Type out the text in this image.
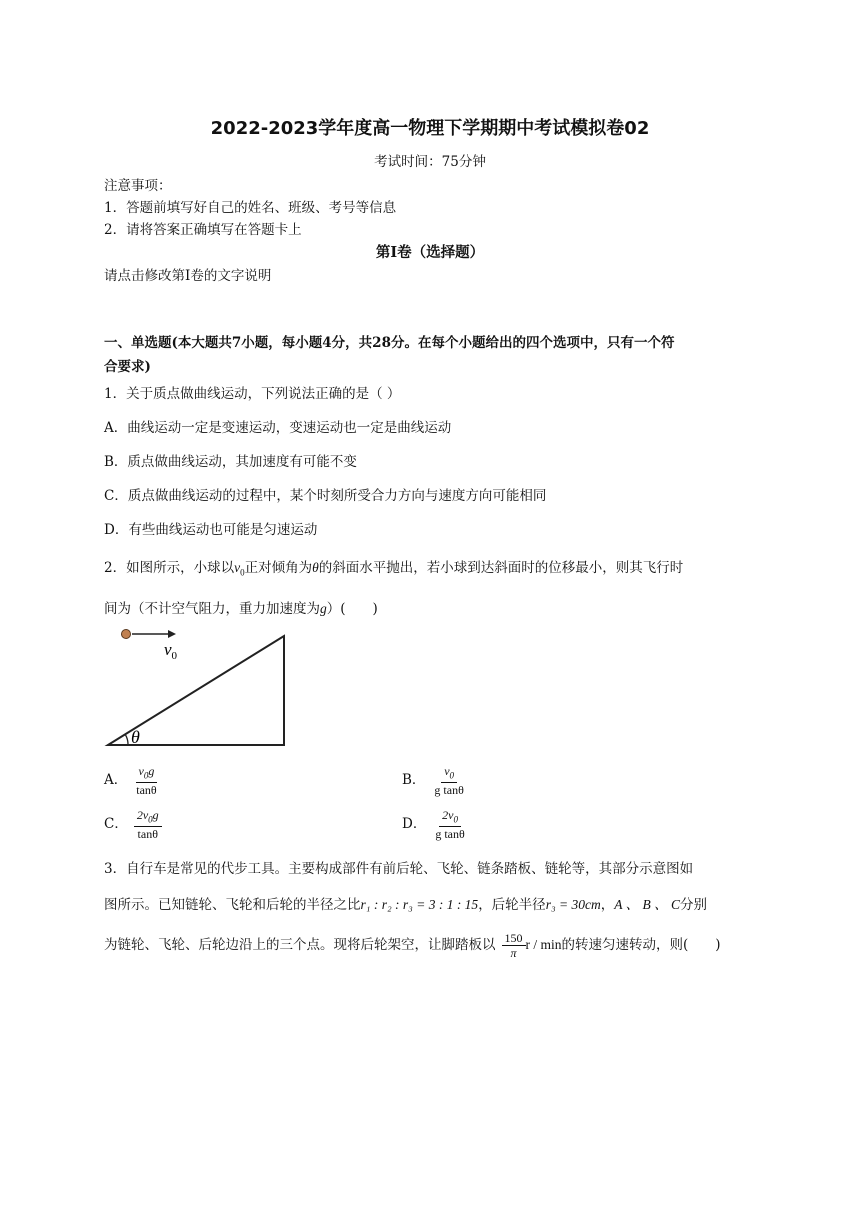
2022-2023学年度高一物理下学期期中考试模拟卷02
考试时间：75分钟
注意事项：
1．答题前填写好自己的姓名、班级、考号等信息
2．请将答案正确填写在答题卡上
第I卷（选择题）
请点击修改第I卷的文字说明
一、单选题(本大题共7小题，每小题4分，共28分。在每个小题给出的四个选项中，只有一个符
合要求)
1．关于质点做曲线运动，下列说法正确的是（ ）
A．曲线运动一定是变速运动，变速运动也一定是曲线运动
B．质点做曲线运动，其加速度有可能不变
C．质点做曲线运动的过程中，某个时刻所受合力方向与速度方向可能相同
D．有些曲线运动也可能是匀速运动
2．如图所示，小球以$v_0$正对倾角为θ的斜面水平抛出，若小球到达斜面时的位移最小，则其飞行时
间为（不计空气阻力，重力加速度为g）(　　)
$v_0$
θ
A． $\frac{v_0g}{\tan\theta}$	B． $\frac{v_0}{\text{g tanθ}}$
C． $\frac{2v_0g}{\tan\theta}$	D． $\frac{2v_0}{\text{g tanθ}}$
3．自行车是常见的代步工具。主要构成部件有前后轮、飞轮、链条踏板、链轮等，其部分示意图如
图所示。已知链轮、飞轮和后轮的半径之比r₁ : r₂ : r₃ = 3 : 1 : 15，后轮半径r₃ = 30cm，A 、 B 、 C分别
为链轮、飞轮、后轮边沿上的三个点。现将后轮架空，让脚踏板以 $\frac{150}{\pi}$ r / min的转速匀速转动，则(　　)
